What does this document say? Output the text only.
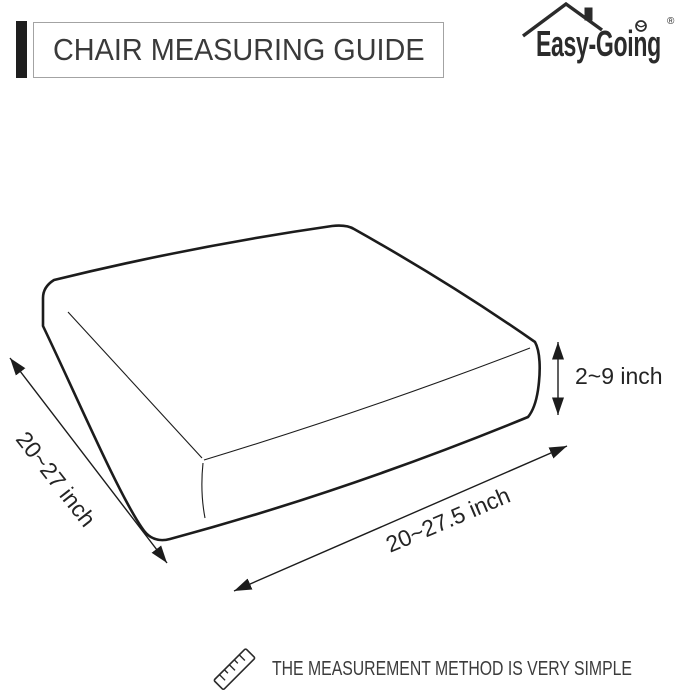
CHAIR MEASURING GUIDE	Easy-Going
®
20~27 inch	20~27.5 inch
2~9 inch
THE MEASUREMENT METHOD IS VERY SIMPLE
